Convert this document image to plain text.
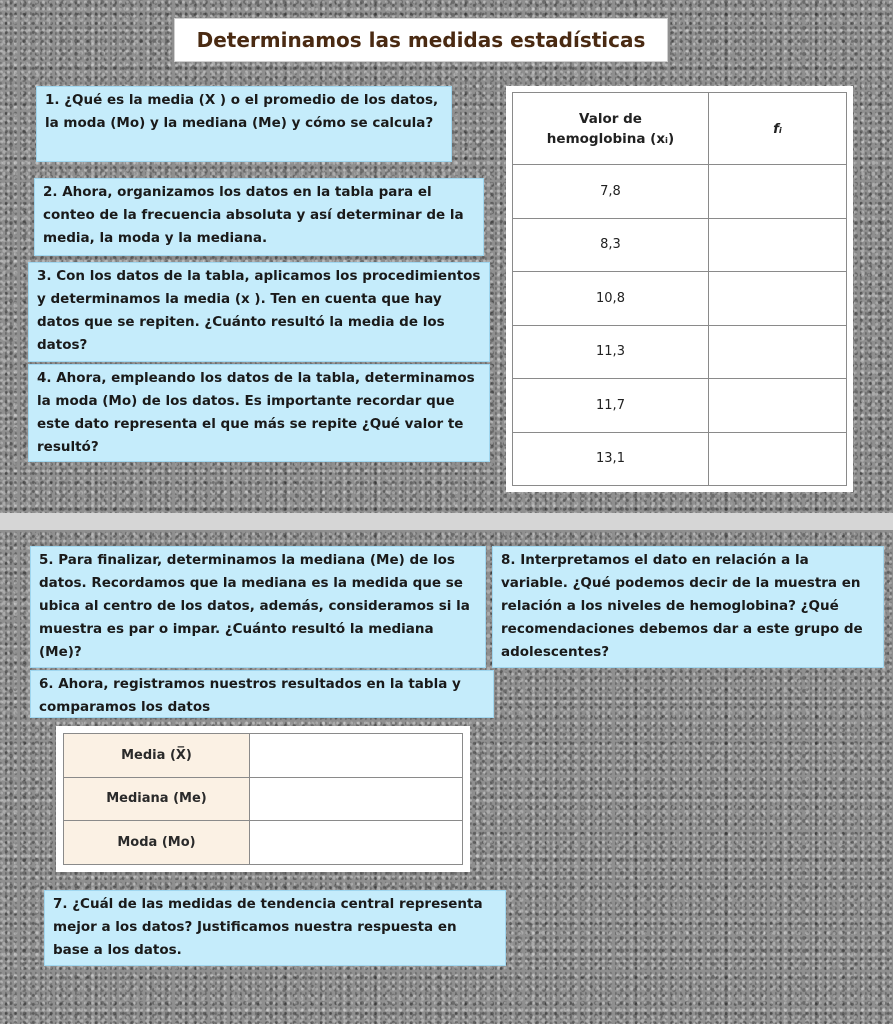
Determinamos las medidas estadísticas
1. ¿Qué es la media (X ) o el promedio de los datos, la moda (Mo) y la mediana (Me) y cómo se calcula?
2. Ahora, organizamos los datos en la tabla para el conteo de la frecuencia absoluta y así determinar de la media, la moda y la mediana.
3. Con los datos de la tabla, aplicamos los procedimientos y determinamos la media (x ). Ten en cuenta que hay datos que se repiten. ¿Cuánto resultó la media de los datos?
4. Ahora, empleando los datos de la tabla, determinamos la moda (Mo) de los datos. Es importante recordar que este dato representa el que más se repite ¿Qué valor te resultó?
Valor de
hemoglobina (xᵢ)	fᵢ
7,8	
8,3	
10,8	
11,3	
11,7	
13,1	
5. Para finalizar, determinamos la mediana (Me) de los datos. Recordamos que la mediana es la medida que se ubica al centro de los datos, además, consideramos si la muestra es par o impar. ¿Cuánto resultó la mediana (Me)?
8. Interpretamos el dato en relación a la variable. ¿Qué podemos decir de la muestra en relación a los niveles de hemoglobina? ¿Qué recomendaciones debemos dar a este grupo de adolescentes?
6. Ahora, registramos nuestros resultados en la tabla y comparamos los datos
Media (X̅)	
Mediana (Me)	
Moda (Mo)	
7. ¿Cuál de las medidas de tendencia central representa mejor a los datos? Justificamos nuestra respuesta en base a los datos.
